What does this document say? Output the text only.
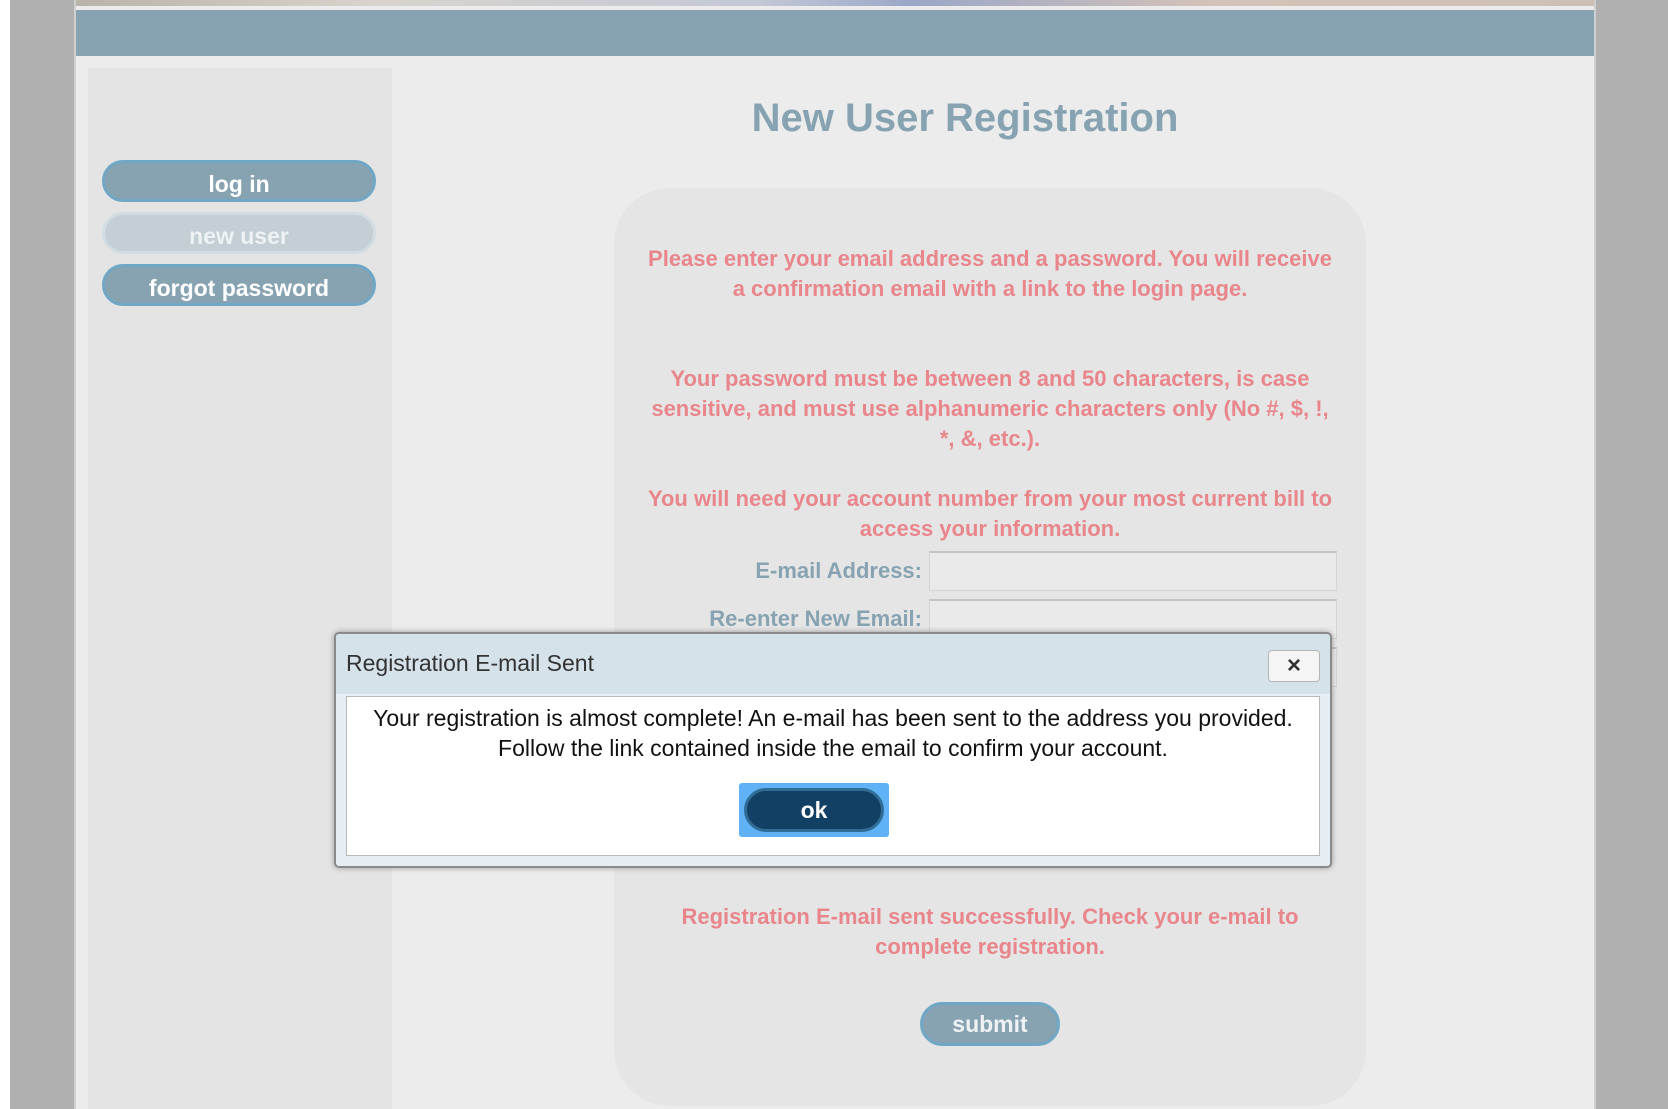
log in
new user
forgot password
New User Registration
Please enter your email address and a password. You will receive a confirmation email with a link to the login page.
Your password must be between 8 and 50 characters, is case sensitive, and must use alphanumeric characters only (No #, $, !, *, &, etc.).
You will need your account number from your most current bill to access your information.
E-mail Address:
Re-enter New Email:
Registration E-mail sent successfully. Check your e-mail to complete registration.
submit
Registration E-mail Sent	×
Your registration is almost complete! An e-mail has been sent to the address you provided.
Follow the link contained inside the email to confirm your account.
ok
